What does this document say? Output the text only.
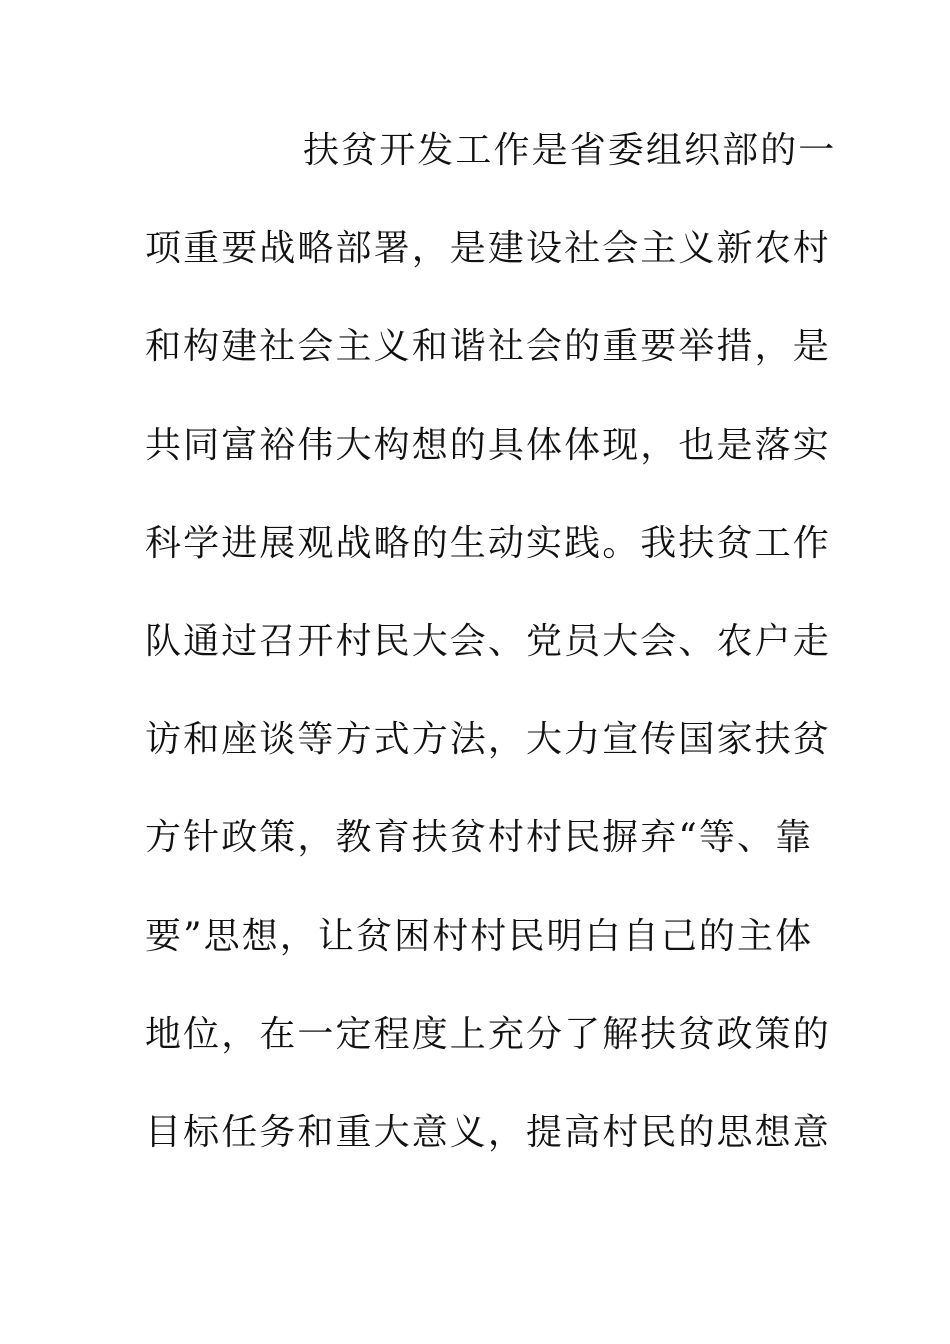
扶贫开发工作是省委组织部的一
项重要战略部署，是建设社会主义新农村
和构建社会主义和谐社会的重要举措，是
共同富裕伟大构想的具体体现，也是落实
科学进展观战略的生动实践。我扶贫工作
队通过召开村民大会、党员大会、农户走
访和座谈等方式方法，大力宣传国家扶贫
方针政策，教育扶贫村村民摒弃“等、靠
要”思想，让贫困村村民明白自己的主体
地位，在一定程度上充分了解扶贫政策的
目标任务和重大意义，提高村民的思想意
